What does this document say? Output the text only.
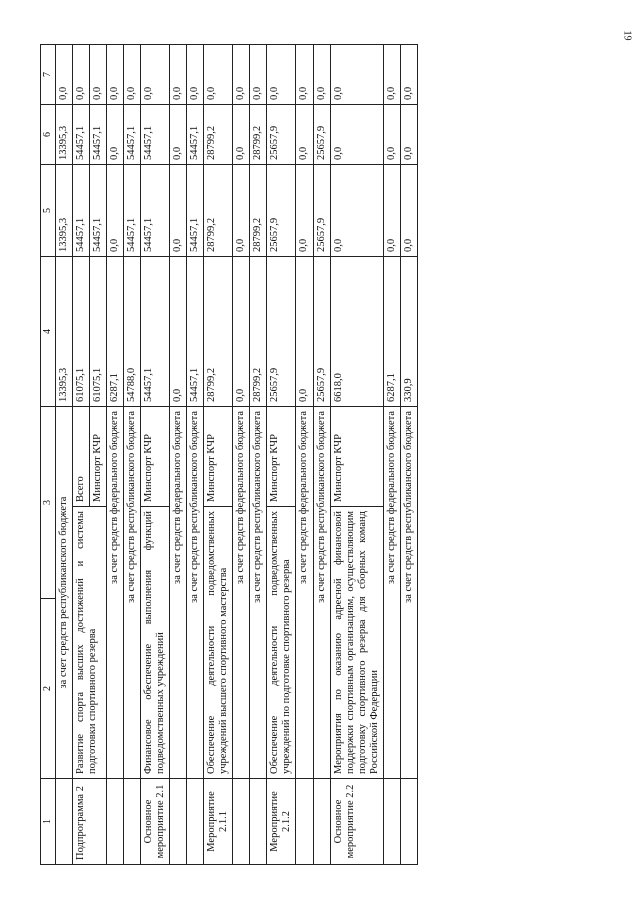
19
1	2	3		4	5	6	7
	за счет средств республиканского бюджета			13395,3	13395,3	13395,3	0,0
Подпрограмма 2	Развитие спорта высших достижений и системы подготовки спортивного резерва		Всего	61075,1	54457,1	54457,1	0,0
			Минспорт КЧР	61075,1	54457,1	54457,1	0,0
	за счет средств федерального бюджета			6287,1	0,0	0,0	0,0
	за счет средств республиканского бюджета			54788,0	54457,1	54457,1	0,0
Основное мероприятие 2.1	Финансовое обеспечение выполнения функций подведомственных учреждений		Минспорт КЧР	54457,1	54457,1	54457,1	0,0
	за счет средств федерального бюджета			0,0	0,0	0,0	0,0
	за счет средств республиканского бюджета			54457,1	54457,1	54457,1	0,0
Мероприятие 2.1.1	Обеспечение деятельности подведомственных учреждений высшего спортивного мастерства		Минспорт КЧР	28799,2	28799,2	28799,2	0,0
	за счет средств федерального бюджета			0,0	0,0	0,0	0,0
	за счет средств республиканского бюджета			28799,2	28799,2	28799,2	0,0
Мероприятие 2.1.2	Обеспечение деятельности подведомственных учреждений по подготовке спортивного резерва		Минспорт КЧР	25657,9	25657,9	25657,9	0,0
	за счет средств федерального бюджета			0,0	0,0	0,0	0,0
	за счет средств республиканского бюджета			25657,9	25657,9	25657,9	0,0
Основное мероприятие 2.2	Мероприятия по оказанию адресной финансовой поддержки спортивным организациям, осуществляющим подготовку спортивного резерва для сборных команд Российской Федерации		Минспорт КЧР	6618,0	0,0	0,0	0,0
	за счет средств федерального бюджета			6287,1	0,0	0,0	0,0
	за счет средств республиканского бюджета			330,9	0,0	0,0	0,0
